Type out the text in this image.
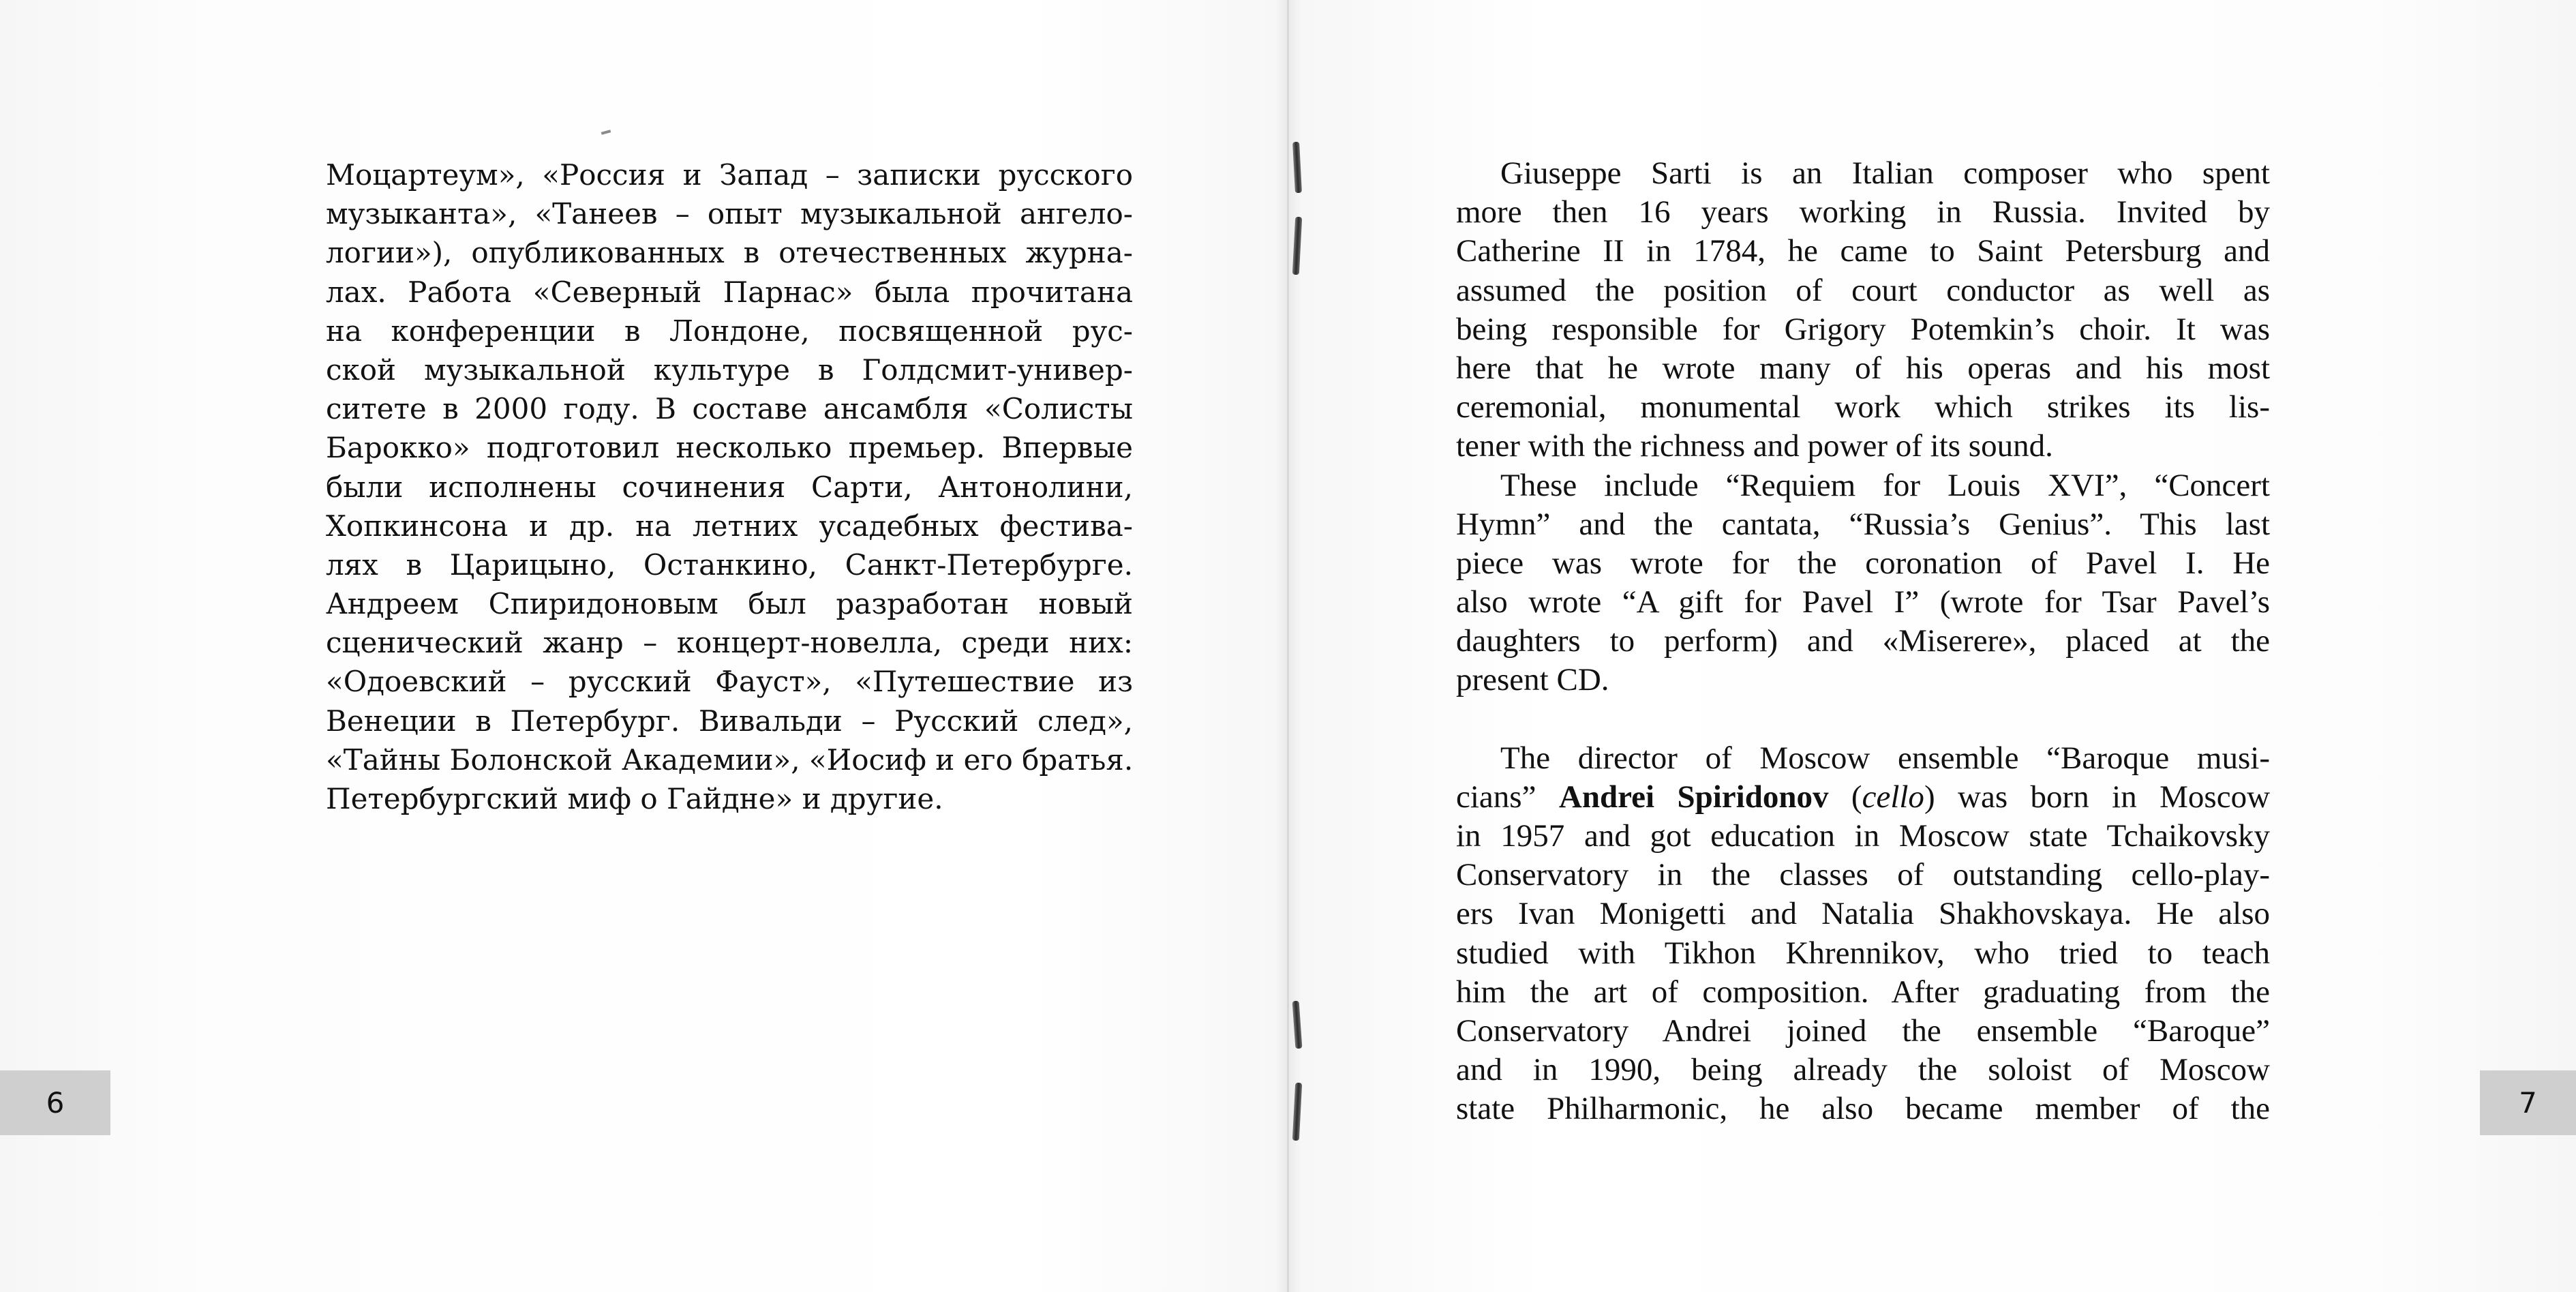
Моцартеум», «Россия и Запад – записки русского
музыканта», «Танеев – опыт музыкальной ангело-
логии»), опубликованных в отечественных журна-
лах. Работа «Северный Парнас» была прочитана
на конференции в Лондоне, посвященной рус-
ской музыкальной культуре в Голдсмит-универ-
ситете в 2000 году. В составе ансамбля «Солисты
Барокко» подготовил несколько премьер. Впервые
были исполнены сочинения Сарти, Антонолини,
Хопкинсона и др. на летних усадебных фестива-
лях в Царицыно, Останкино, Санкт-Петербурге.
Андреем Спиридоновым был разработан новый
сценический жанр – концерт-новелла, среди них:
«Одоевский – русский Фауст», «Путешествие из
Венеции в Петербург. Вивальди – Русский след»,
«Тайны Болонской Академии», «Иосиф и его братья.
Петербургский миф о Гайдне» и другие.
6
Giuseppe Sarti is an Italian composer who spent
more then 16 years working in Russia. Invited by
Catherine II in 1784, he came to Saint Petersburg and
assumed the position of court conductor as well as
being responsible for Grigory Potemkin’s choir. It was
here that he wrote many of his operas and his most
ceremonial, monumental work which strikes its lis-
tener with the richness and power of its sound.
These include “Requiem for Louis XVI”, “Concert
Hymn” and the cantata, “Russia’s Genius”. This last
piece was wrote for the coronation of Pavel I. He
also wrote “A gift for Pavel I” (wrote for Tsar Pavel’s
daughters to perform) and «Miserere», placed at the
present CD.
The director of Moscow ensemble “Baroque musi-
cians” Andrei Spiridonov (cello) was born in Moscow
in 1957 and got education in Moscow state Tchaikovsky
Conservatory in the classes of outstanding cello-play-
ers Ivan Monigetti and Natalia Shakhovskaya. He also
studied with Tikhon Khrennikov, who tried to teach
him the art of composition. After graduating from the
Conservatory Andrei joined the ensemble “Baroque”
and in 1990, being already the soloist of Moscow
state Philharmonic, he also became member of the	7
